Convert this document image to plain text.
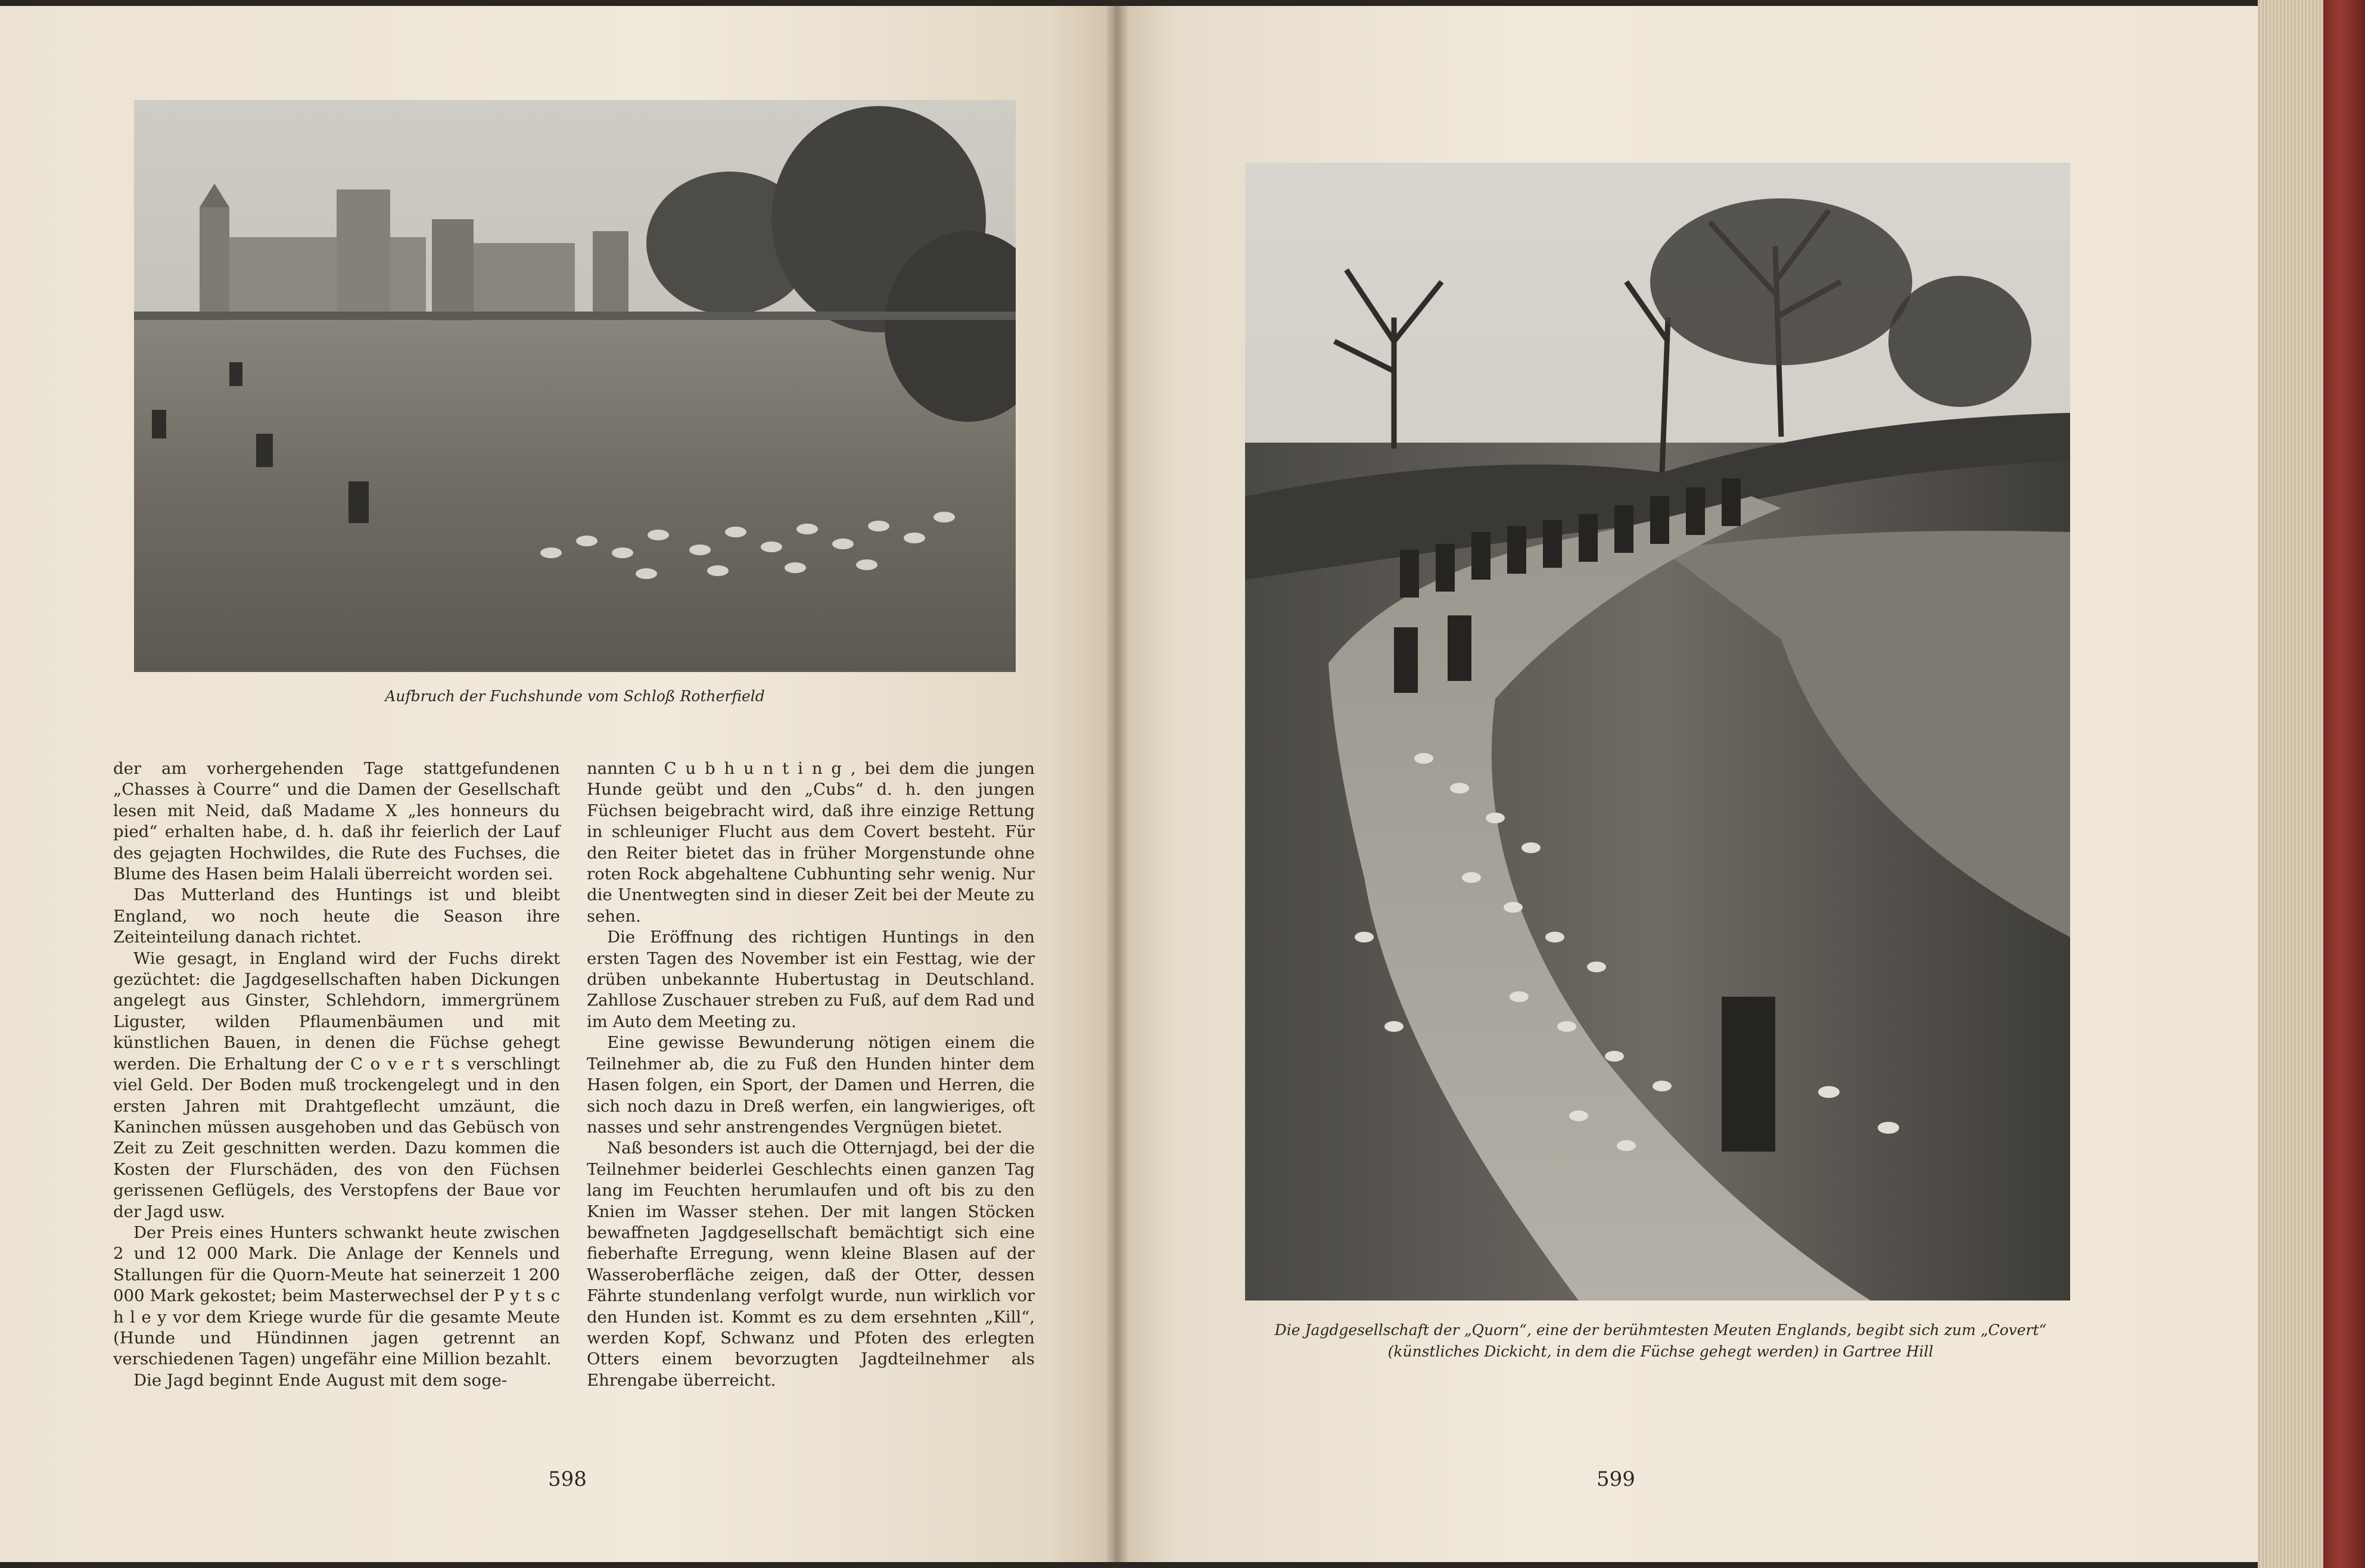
Aufbruch der Fuchshunde vom Schloß Rotherfield

der am vorhergehenden Tage stattgefundenen „Chasses à Courre“ und die Damen der Gesellschaft lesen mit Neid, daß Madame X „les honneurs du pied“ erhalten habe, d. h. daß ihr feierlich der Lauf des gejagten Hochwildes, die Rute des Fuchses, die Blume des Hasen beim Halali überreicht worden sei.

Das Mutterland des Huntings ist und bleibt England, wo noch heute die Season ihre Zeiteinteilung danach richtet.

Wie gesagt, in England wird der Fuchs direkt gezüchtet: die Jagdgesellschaften haben Dickungen angelegt aus Ginster, Schlehdorn, immergrünem Liguster, wilden Pflaumenbäumen und mit künstlichen Bauen, in denen die Füchse gehegt werden. Die Erhaltung der C o v e r t s verschlingt viel Geld. Der Boden muß trockengelegt und in den ersten Jahren mit Drahtgeflecht umzäunt, die Kaninchen müssen ausgehoben und das Gebüsch von Zeit zu Zeit geschnitten werden. Dazu kommen die Kosten der Flurschäden, des von den Füchsen gerissenen Geflügels, des Verstopfens der Baue vor der Jagd usw.

Der Preis eines Hunters schwankt heute zwischen 2 und 12 000 Mark. Die Anlage der Kennels und Stallungen für die Quorn-Meute hat seinerzeit 1 200 000 Mark gekostet; beim Masterwechsel der P y t s c h l e y vor dem Kriege wurde für die gesamte Meute (Hunde und Hündinnen jagen getrennt an verschiedenen Tagen) ungefähr eine Million bezahlt.

Die Jagd beginnt Ende August mit dem soge-

nannten C u b h u n t i n g , bei dem die jungen Hunde geübt und den „Cubs“ d. h. den jungen Füchsen beigebracht wird, daß ihre einzige Rettung in schleuniger Flucht aus dem Covert besteht. Für den Reiter bietet das in früher Morgenstunde ohne roten Rock abgehaltene Cubhunting sehr wenig. Nur die Unentwegten sind in dieser Zeit bei der Meute zu sehen.

Die Eröffnung des richtigen Huntings in den ersten Tagen des November ist ein Festtag, wie der drüben unbekannte Hubertustag in Deutschland. Zahllose Zuschauer streben zu Fuß, auf dem Rad und im Auto dem Meeting zu.

Eine gewisse Bewunderung nötigen einem die Teilnehmer ab, die zu Fuß den Hunden hinter dem Hasen folgen, ein Sport, der Damen und Herren, die sich noch dazu in Dreß werfen, ein langwieriges, oft nasses und sehr anstrengendes Vergnügen bietet.

Naß besonders ist auch die Otternjagd, bei der die Teilnehmer beiderlei Geschlechts einen ganzen Tag lang im Feuchten herumlaufen und oft bis zu den Knien im Wasser stehen. Der mit langen Stöcken bewaffneten Jagdgesellschaft bemächtigt sich eine fieberhafte Erregung, wenn kleine Blasen auf der Wasseroberfläche zeigen, daß der Otter, dessen Fährte stundenlang verfolgt wurde, nun wirklich vor den Hunden ist. Kommt es zu dem ersehnten „Kill“, werden Kopf, Schwanz und Pfoten des erlegten Otters einem bevorzugten Jagdteilnehmer als Ehrengabe überreicht.

598
Die Jagdgesellschaft der „Quorn“, eine der berühmtesten Meuten Englands, begibt sich zum „Covert“
(künstliches Dickicht, in dem die Füchse gehegt werden) in Gartree Hill
599
